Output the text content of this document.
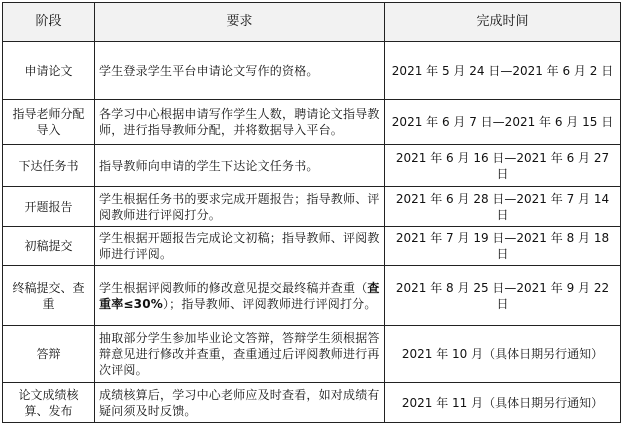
阶段	要求	完成时间
申请论文	学生登录学生平台申请论文写作的资格。	2021 年 5 月 24 日—2021 年 6 月 2 日
指导老师分配导入	各学习中心根据申请写作学生人数，聘请论文指导教师，进行指导教师分配，并将数据导入平台。	2021 年 6 月 7 日—2021 年 6 月 15 日
下达任务书	指导教师向申请的学生下达论文任务书。	2021 年 6 月 16 日—2021 年 6 月 27 日
开题报告	学生根据任务书的要求完成开题报告；指导教师、评阅教师进行评阅打分。	2021 年 6 月 28 日—2021 年 7 月 14 日
初稿提交	学生根据开题报告完成论文初稿；指导教师、评阅教师进行评阅。	2021 年 7 月 19 日—2021 年 8 月 18 日
终稿提交、查重	学生根据评阅教师的修改意见提交最终稿并查重（查重率≤30%）；指导教师、评阅教师进行评阅打分。	2021 年 8 月 25 日—2021 年 9 月 22 日
答辩	抽取部分学生参加毕业论文答辩，答辩学生须根据答辩意见进行修改并查重，查重通过后评阅教师进行再次评阅。	2021 年 10 月（具体日期另行通知）
论文成绩核算、发布	成绩核算后，学习中心老师应及时查看，如对成绩有疑问须及时反馈。	2021 年 11 月（具体日期另行通知）
